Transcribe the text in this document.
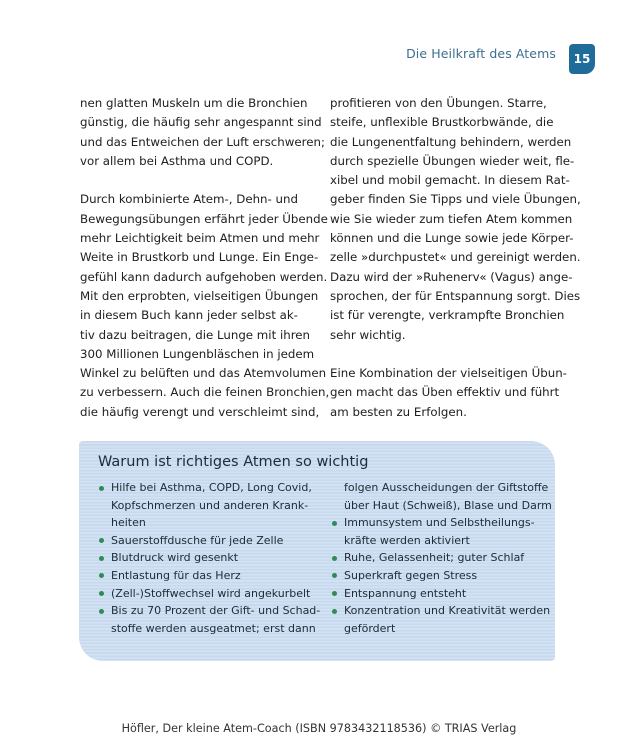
Die Heilkraft des Atems	15
nen glatten Muskeln um die Bronchien
günstig, die häufig sehr angespannt sind
und das Entweichen der Luft erschweren;
vor allem bei Asthma und COPD.
Durch kombinierte Atem-, Dehn- und
Bewegungsübungen erfährt jeder Übende
mehr Leichtigkeit beim Atmen und mehr
Weite in Brustkorb und Lunge. Ein Enge-
gefühl kann dadurch aufgehoben werden.
Mit den erprobten, vielseitigen Übungen
in diesem Buch kann jeder selbst ak-
tiv dazu beitragen, die Lunge mit ihren
300 Millionen Lungenbläschen in jedem
Winkel zu belüften und das Atemvolumen
zu verbessern. Auch die feinen Bronchien,
die häufig verengt und verschleimt sind,
profitieren von den Übungen. Starre,
steife, unflexible Brustkorbwände, die
die Lungenentfaltung behindern, werden
durch spezielle Übungen wieder weit, fle-
xibel und mobil gemacht. In diesem Rat-
geber finden Sie Tipps und viele Übungen,
wie Sie wieder zum tiefen Atem kommen
können und die Lunge sowie jede Körper-
zelle »durchpustet« und gereinigt werden.
Dazu wird der »Ruhenerv« (Vagus) ange-
sprochen, der für Entspannung sorgt. Dies
ist für verengte, verkrampfte Bronchien
sehr wichtig.
Eine Kombination der vielseitigen Übun-
gen macht das Üben effektiv und führt
am besten zu Erfolgen.
Warum ist richtiges Atmen so wichtig
Hilfe bei Asthma, COPD, Long Covid,
Kopfschmerzen und anderen Krank-
heiten
Sauerstoffdusche für jede Zelle
Blutdruck wird gesenkt
Entlastung für das Herz
(Zell-)Stoffwechsel wird angekurbelt
Bis zu 70 Prozent der Gift- und Schad-
stoffe werden ausgeatmet; erst dann
folgen Ausscheidungen der Giftstoffe
über Haut (Schweiß), Blase und Darm
Immunsystem und Selbstheilungs-
kräfte werden aktiviert
Ruhe, Gelassenheit; guter Schlaf
Superkraft gegen Stress
Entspannung entsteht
Konzentration und Kreativität werden
gefördert
Höfler, Der kleine Atem-Coach (ISBN 9783432118536) © TRIAS Verlag
